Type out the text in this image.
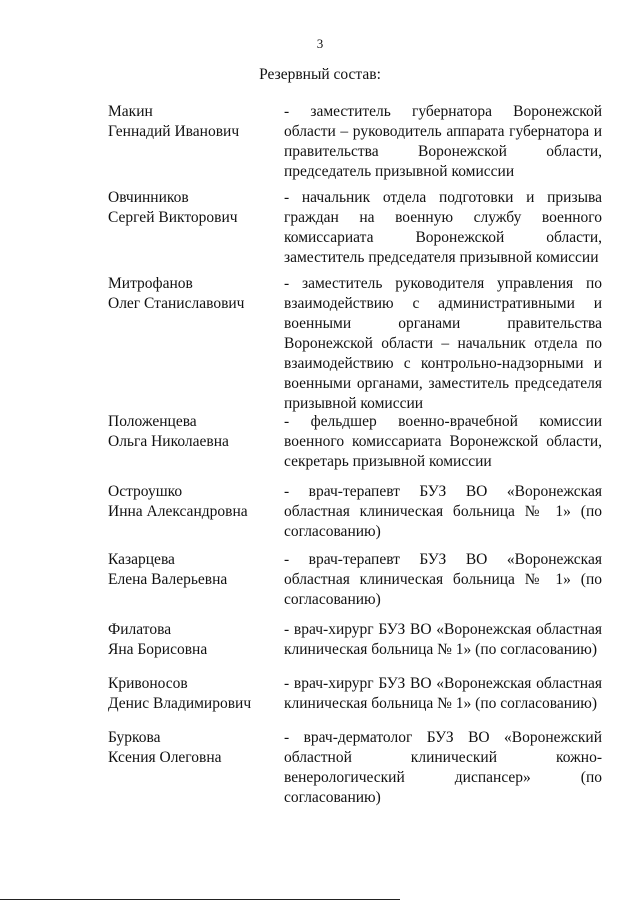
3
Резервный состав:
Макин
Геннадий Иванович
- заместитель губернатора Воронежской области – руководитель аппарата губернатора и правительства Воронежской области, председатель призывной комиссии
Овчинников
Сергей Викторович
- начальник отдела подготовки и призыва граждан на военную службу военного комиссариата Воронежской области, заместитель председателя призывной комиссии
Митрофанов
Олег Станиславович
- заместитель руководителя управления по взаимодействию с административными и военными органами правительства Воронежской области – начальник отдела по взаимодействию с контрольно-надзорными и военными органами, заместитель председателя призывной комиссии
Положенцева
Ольга Николаевна
- фельдшер военно-врачебной комиссии военного комиссариата Воронежской области, секретарь призывной комиссии
Остроушко
Инна Александровна
- врач-терапевт БУЗ ВО «Воронежская областная клиническая больница № 1» (по согласованию)
Казарцева
Елена Валерьевна
- врач-терапевт БУЗ ВО «Воронежская областная клиническая больница № 1» (по согласованию)
Филатова
Яна Борисовна
- врач-хирург БУЗ ВО «Воронежская областная клиническая больница № 1» (по согласованию)
Кривоносов
Денис Владимирович
- врач-хирург БУЗ ВО «Воронежская областная клиническая больница № 1» (по согласованию)
Буркова
Ксения Олеговна
- врач-дерматолог БУЗ ВО «Воронежский областной клинический кожно-венерологический диспансер» (по согласованию)
